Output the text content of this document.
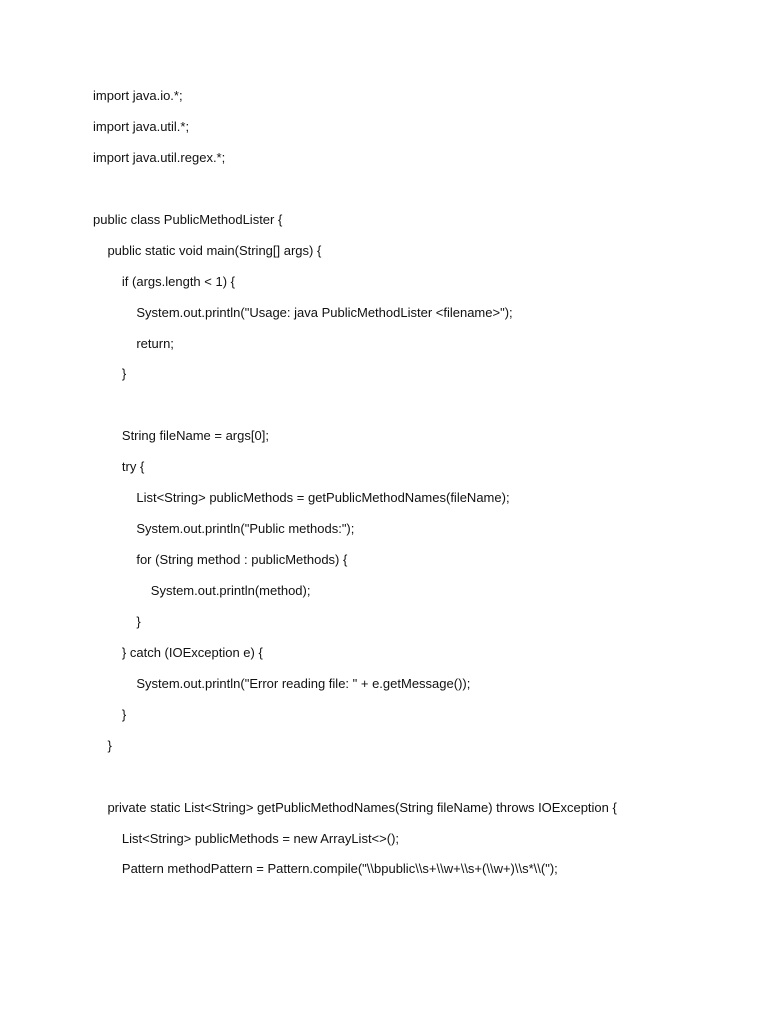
import java.io.*;
import java.util.*;
import java.util.regex.*;
public class PublicMethodLister {
public static void main(String[] args) {
if (args.length < 1) {
System.out.println("Usage: java PublicMethodLister <filename>");
return;
}
String fileName = args[0];
try {
List<String> publicMethods = getPublicMethodNames(fileName);
System.out.println("Public methods:");
for (String method : publicMethods) {
System.out.println(method);
}
} catch (IOException e) {
System.out.println("Error reading file: " + e.getMessage());
}
}
private static List<String> getPublicMethodNames(String fileName) throws IOException {
List<String> publicMethods = new ArrayList<>();
Pattern methodPattern = Pattern.compile("\\bpublic\\s+\\w+\\s+(\\w+)\\s*\\(");
